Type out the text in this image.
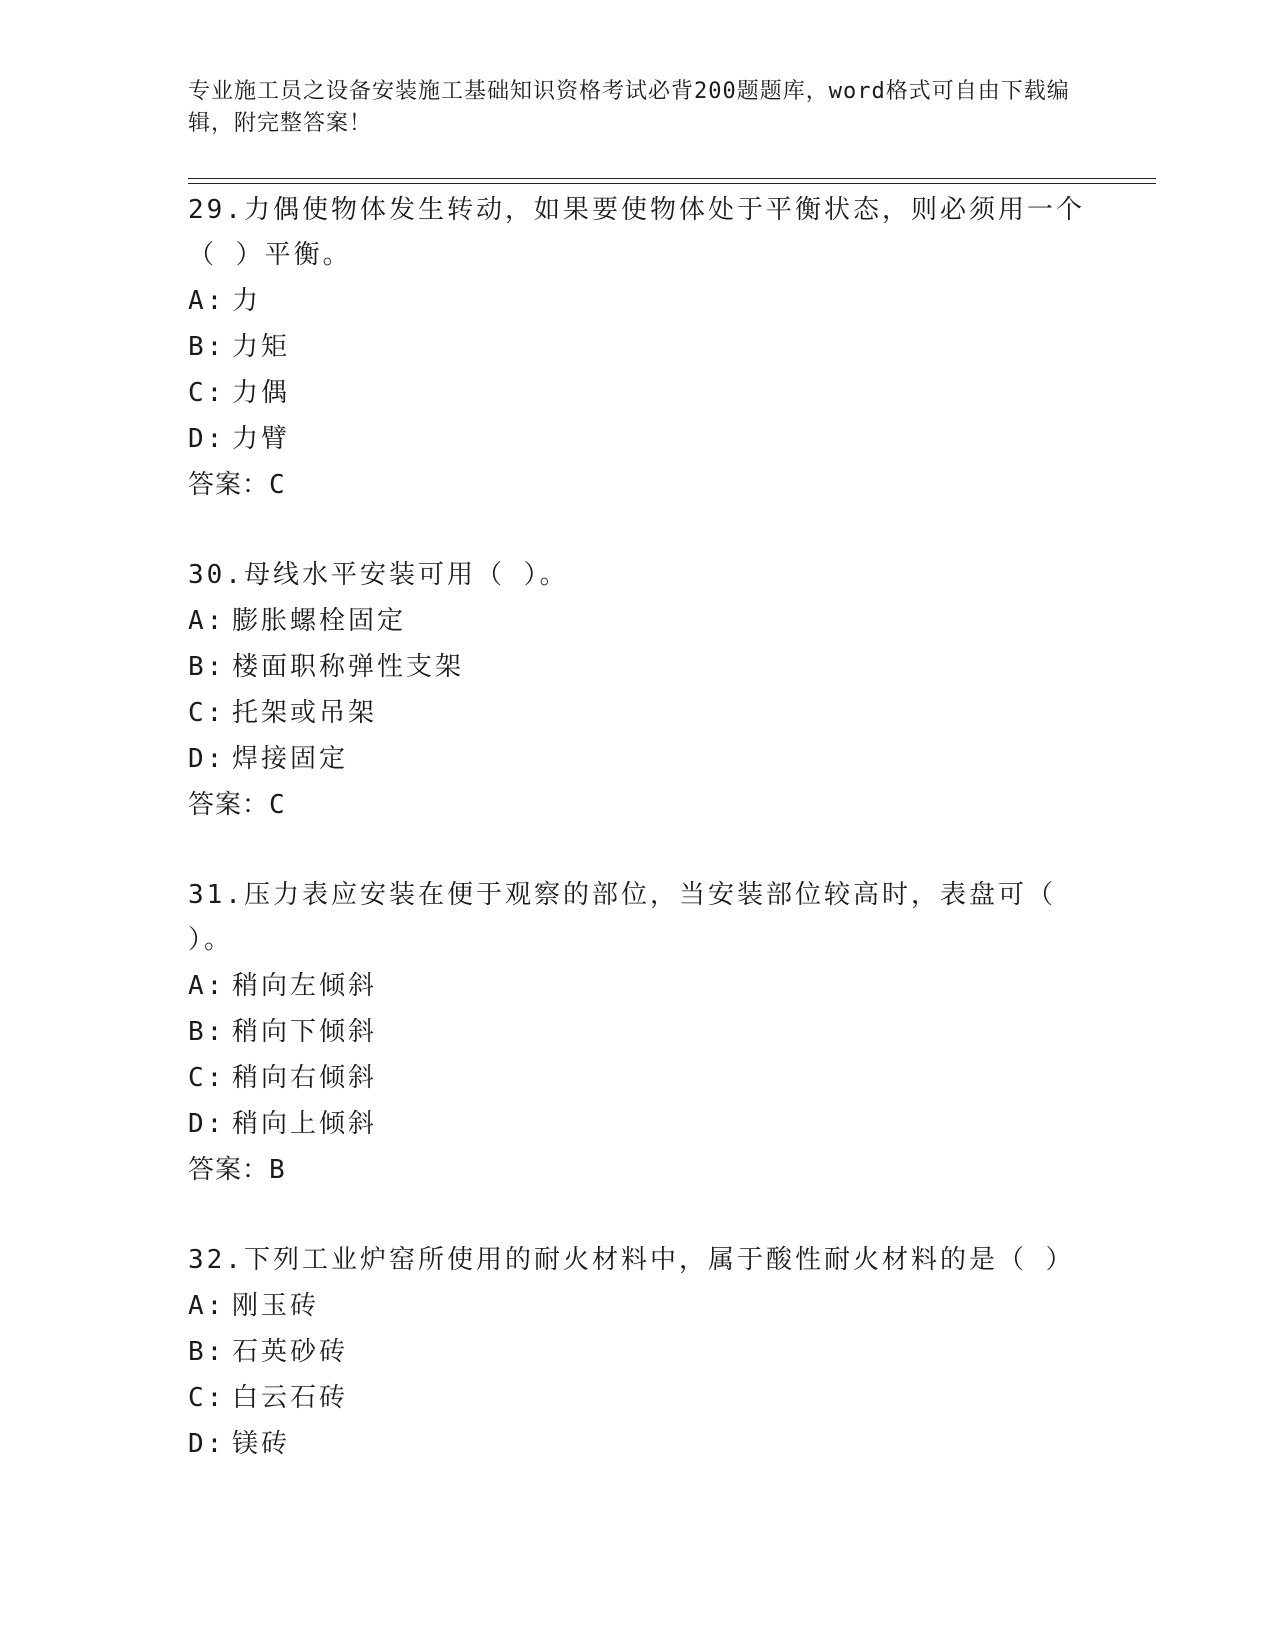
专业施工员之设备安装施工基础知识资格考试必背200题题库，word格式可自由下载编辑，附完整答案！

29.力偶使物体发生转动，如果要使物体处于平衡状态，则必须用一个（ ）平衡。

A: 力

B: 力矩

C: 力偶

D: 力臂

答案：C

30.母线水平安装可用（ ）。

A: 膨胀螺栓固定

B: 楼面职称弹性支架

C: 托架或吊架

D: 焊接固定

答案：C

31.压力表应安装在便于观察的部位，当安装部位较高时，表盘可（ ）。

A: 稍向左倾斜

B: 稍向下倾斜

C: 稍向右倾斜

D: 稍向上倾斜

答案：B

32.下列工业炉窑所使用的耐火材料中，属于酸性耐火材料的是（ ）

A: 刚玉砖

B: 石英砂砖

C: 白云石砖

D: 镁砖
